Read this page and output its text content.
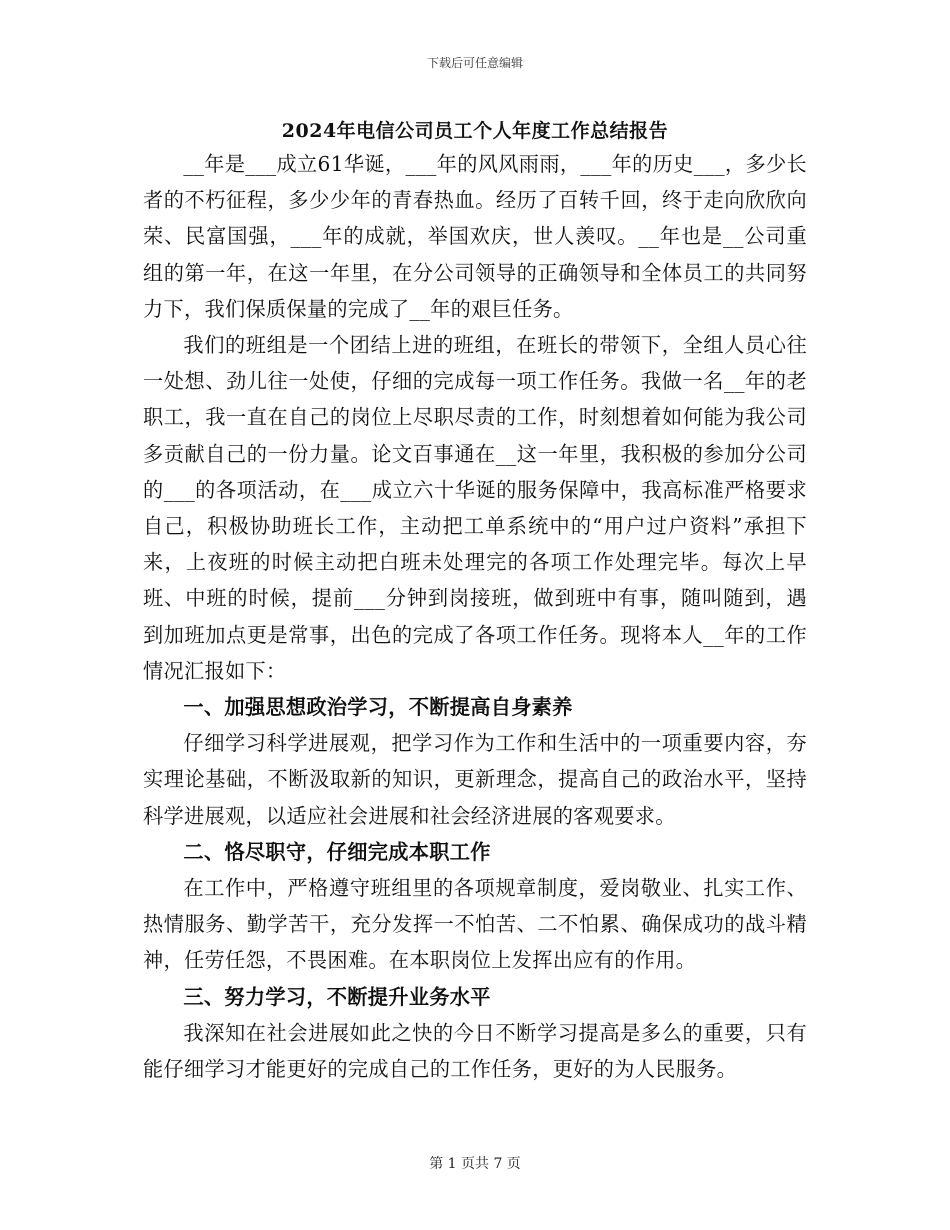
下载后可任意编辑
2024年电信公司员工个人年度工作总结报告

__年是___成立61华诞，___年的风风雨雨，___年的历史___，多少长者的不朽征程，多少少年的青春热血。经历了百转千回，终于走向欣欣向荣、民富国强，___年的成就，举国欢庆，世人羡叹。__年也是__公司重组的第一年，在这一年里，在分公司领导的正确领导和全体员工的共同努力下，我们保质保量的完成了__年的艰巨任务。

我们的班组是一个团结上进的班组，在班长的带领下，全组人员心往一处想、劲儿往一处使，仔细的完成每一项工作任务。我做一名__年的老职工，我一直在自己的岗位上尽职尽责的工作，时刻想着如何能为我公司多贡献自己的一份力量。论文百事通在__这一年里，我积极的参加分公司的___的各项活动，在___成立六十华诞的服务保障中，我高标准严格要求自己，积极协助班长工作，主动把工单系统中的“用户过户资料”承担下来，上夜班的时候主动把白班未处理完的各项工作处理完毕。每次上早班、中班的时候，提前___分钟到岗接班，做到班中有事，随叫随到，遇到加班加点更是常事，出色的完成了各项工作任务。现将本人__年的工作情况汇报如下：

一、加强思想政治学习，不断提高自身素养

仔细学习科学进展观，把学习作为工作和生活中的一项重要内容，夯实理论基础，不断汲取新的知识，更新理念，提高自己的政治水平，坚持科学进展观，以适应社会进展和社会经济进展的客观要求。

二、恪尽职守，仔细完成本职工作

在工作中，严格遵守班组里的各项规章制度，爱岗敬业、扎实工作、热情服务、勤学苦干，充分发挥一不怕苦、二不怕累、确保成功的战斗精神，任劳任怨，不畏困难。在本职岗位上发挥出应有的作用。

三、努力学习，不断提升业务水平

我深知在社会进展如此之快的今日不断学习提高是多么的重要，只有能仔细学习才能更好的完成自己的工作任务，更好的为人民服务。

第 1 页共 7 页
